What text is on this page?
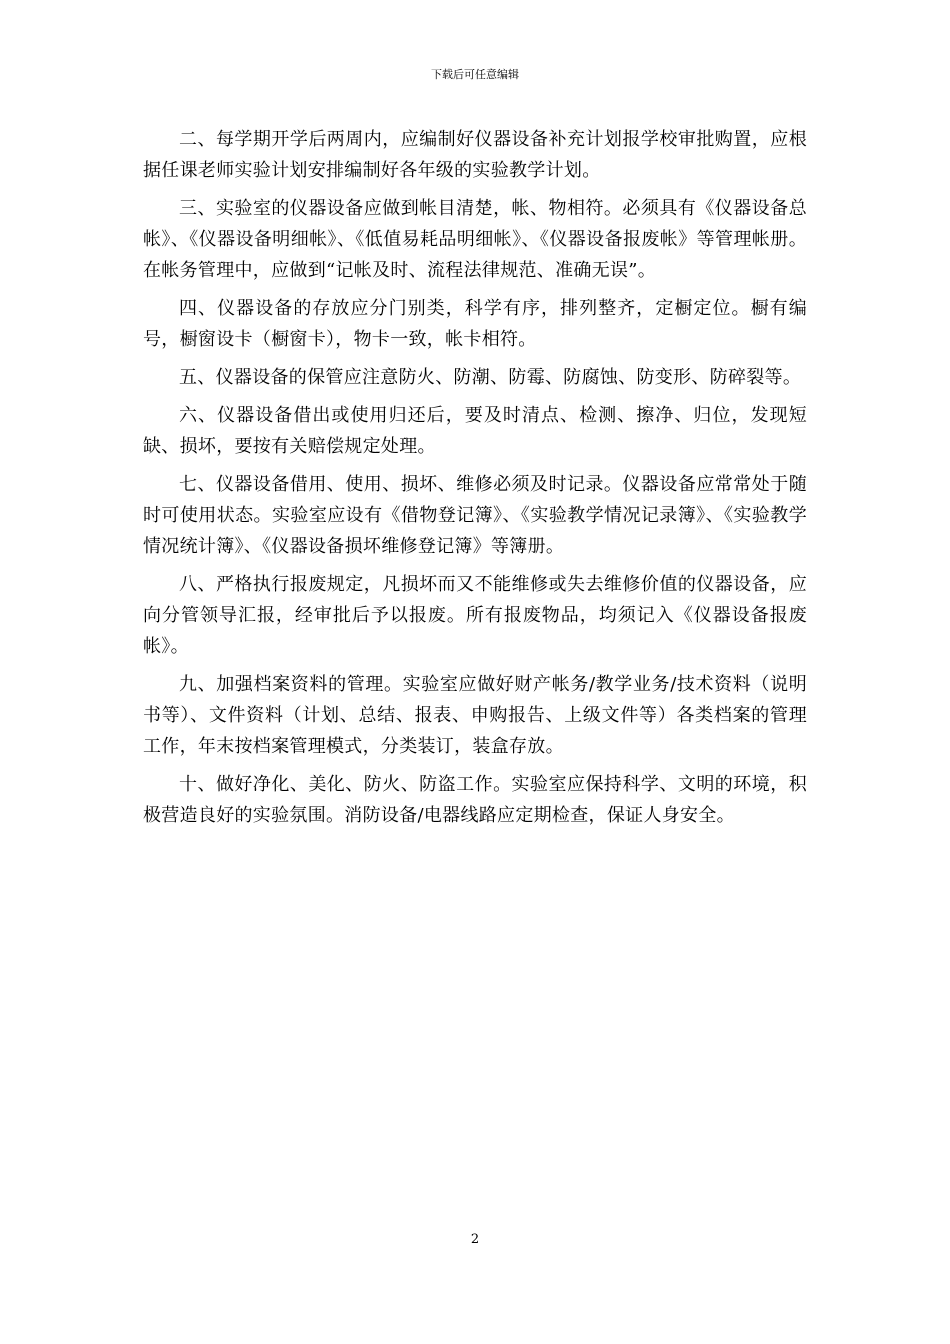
下载后可任意编辑

二、每学期开学后两周内，应编制好仪器设备补充计划报学校审批购置，应根据任课老师实验计划安排编制好各年级的实验教学计划。

三、实验室的仪器设备应做到帐目清楚，帐、物相符。必须具有《仪器设备总帐》、《仪器设备明细帐》、《低值易耗品明细帐》、《仪器设备报废帐》等管理帐册。在帐务管理中，应做到“记帐及时、流程法律规范、准确无误”。

四、仪器设备的存放应分门别类，科学有序，排列整齐，定橱定位。橱有编号，橱窗设卡（橱窗卡），物卡一致，帐卡相符。

五、仪器设备的保管应注意防火、防潮、防霉、防腐蚀、防变形、防碎裂等。

六、仪器设备借出或使用归还后，要及时清点、检测、擦净、归位，发现短缺、损坏，要按有关赔偿规定处理。

七、仪器设备借用、使用、损坏、维修必须及时记录。仪器设备应常常处于随时可使用状态。实验室应设有《借物登记簿》、《实验教学情况记录簿》、《实验教学情况统计簿》、《仪器设备损坏维修登记簿》等簿册。

八、严格执行报废规定，凡损坏而又不能维修或失去维修价值的仪器设备，应向分管领导汇报，经审批后予以报废。所有报废物品，均须记入《仪器设备报废帐》。

九、加强档案资料的管理。实验室应做好财产帐务/教学业务/技术资料（说明书等）、文件资料（计划、总结、报表、申购报告、上级文件等）各类档案的管理工作，年末按档案管理模式，分类装订，装盒存放。

十、做好净化、美化、防火、防盗工作。实验室应保持科学、文明的环境，积极营造良好的实验氛围。消防设备/电器线路应定期检查，保证人身安全。

2
